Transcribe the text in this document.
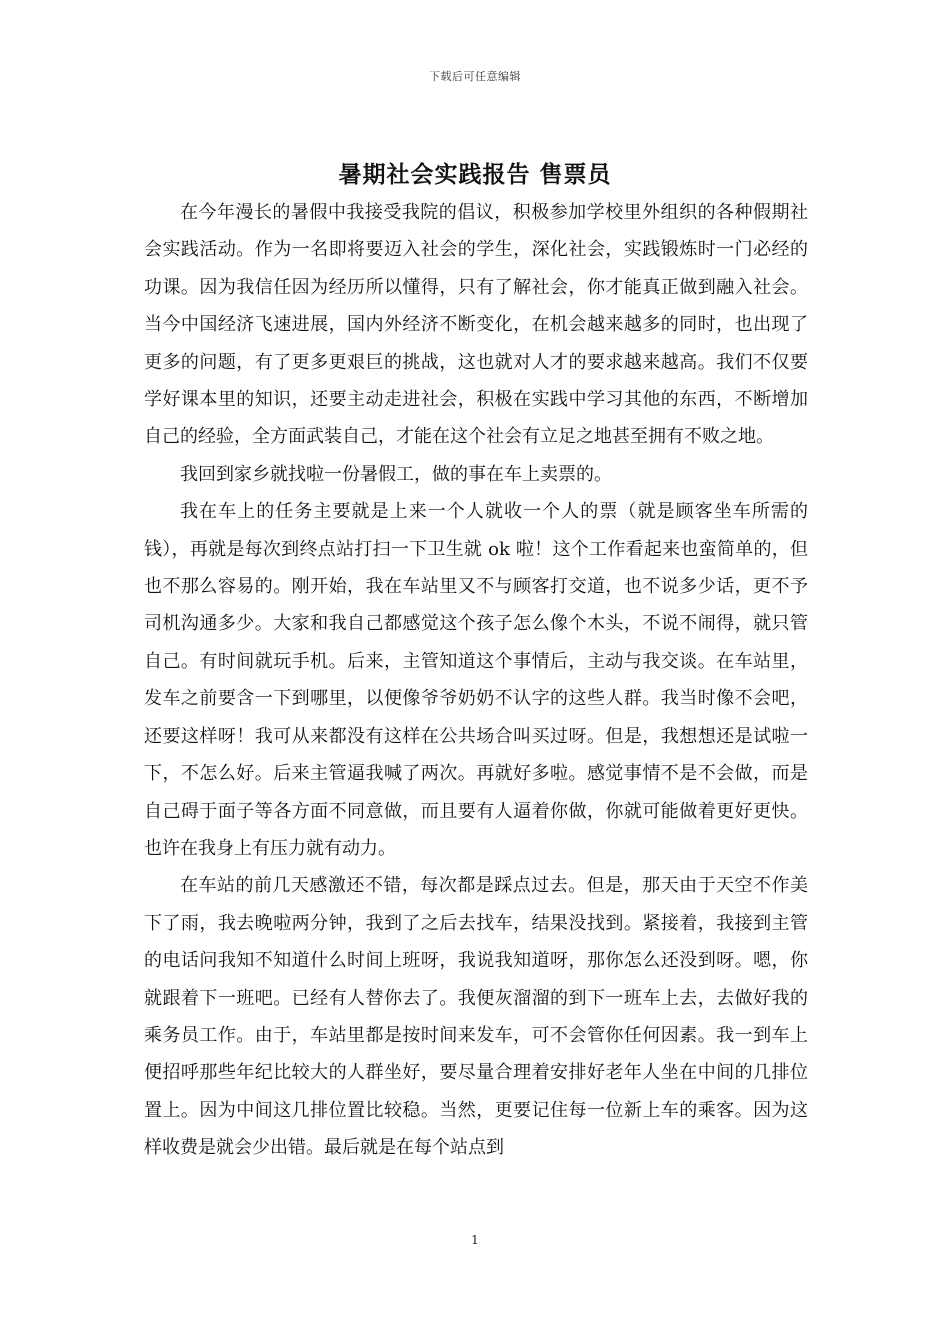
下载后可任意编辑
暑期社会实践报告 售票员

在今年漫长的暑假中我接受我院的倡议，积极参加学校里外组织的各种假期社会实践活动。作为一名即将要迈入社会的学生，深化社会，实践锻炼时一门必经的功课。因为我信任因为经历所以懂得，只有了解社会，你才能真正做到融入社会。当今中国经济飞速进展，国内外经济不断变化，在机会越来越多的同时，也出现了更多的问题，有了更多更艰巨的挑战，这也就对人才的要求越来越高。我们不仅要学好课本里的知识，还要主动走进社会，积极在实践中学习其他的东西，不断增加自己的经验，全方面武装自己，才能在这个社会有立足之地甚至拥有不败之地。

我回到家乡就找啦一份暑假工，做的事在车上卖票的。

我在车上的任务主要就是上来一个人就收一个人的票（就是顾客坐车所需的钱），再就是每次到终点站打扫一下卫生就 ok 啦！这个工作看起来也蛮简单的，但也不那么容易的。刚开始，我在车站里又不与顾客打交道，也不说多少话，更不予司机沟通多少。大家和我自己都感觉这个孩子怎么像个木头，不说不闹得，就只管自己。有时间就玩手机。后来，主管知道这个事情后，主动与我交谈。在车站里，发车之前要含一下到哪里，以便像爷爷奶奶不认字的这些人群。我当时像不会吧，还要这样呀！我可从来都没有这样在公共场合叫买过呀。但是，我想想还是试啦一下，不怎么好。后来主管逼我喊了两次。再就好多啦。感觉事情不是不会做，而是自己碍于面子等各方面不同意做，而且要有人逼着你做，你就可能做着更好更快。也许在我身上有压力就有动力。

在车站的前几天感激还不错，每次都是踩点过去。但是，那天由于天空不作美下了雨，我去晚啦两分钟，我到了之后去找车，结果没找到。紧接着，我接到主管的电话问我知不知道什么时间上班呀，我说我知道呀，那你怎么还没到呀。嗯，你就跟着下一班吧。已经有人替你去了。我便灰溜溜的到下一班车上去，去做好我的乘务员工作。由于，车站里都是按时间来发车，可不会管你任何因素。我一到车上便招呼那些年纪比较大的人群坐好，要尽量合理着安排好老年人坐在中间的几排位置上。因为中间这几排位置比较稳。当然，更要记住每一位新上车的乘客。因为这样收费是就会少出错。最后就是在每个站点到

1
